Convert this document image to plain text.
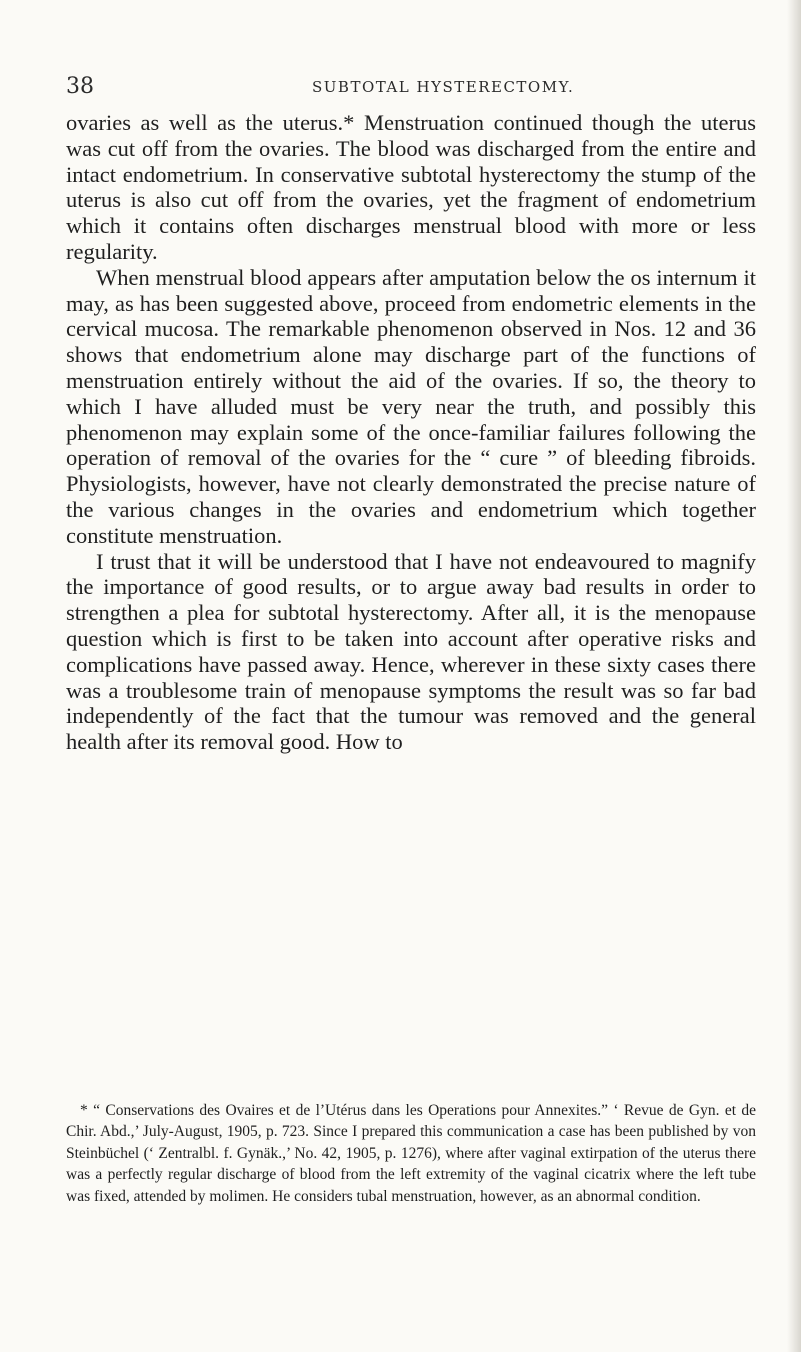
38	SUBTOTAL HYSTERECTOMY.

ovaries as well as the uterus.* Menstruation continued though the uterus was cut off from the ovaries. The blood was discharged from the entire and intact endometrium. In conservative subtotal hysterectomy the stump of the uterus is also cut off from the ovaries, yet the fragment of endometrium which it contains often discharges menstrual blood with more or less regularity.

When menstrual blood appears after amputation below the os internum it may, as has been suggested above, proceed from endometric elements in the cervical mucosa. The remarkable phenomenon observed in Nos. 12 and 36 shows that endometrium alone may discharge part of the functions of menstruation entirely without the aid of the ovaries. If so, the theory to which I have alluded must be very near the truth, and possibly this phenomenon may explain some of the once-familiar failures following the operation of removal of the ovaries for the “ cure ” of bleeding fibroids. Physiologists, however, have not clearly demonstrated the precise nature of the various changes in the ovaries and endometrium which together constitute menstruation.

I trust that it will be understood that I have not endeavoured to magnify the importance of good results, or to argue away bad results in order to strengthen a plea for subtotal hysterectomy. After all, it is the menopause question which is first to be taken into account after operative risks and complications have passed away. Hence, wherever in these sixty cases there was a troublesome train of menopause symptoms the result was so far bad independently of the fact that the tumour was removed and the general health after its removal good. How to

* “ Conservations des Ovaires et de l’Utérus dans les Operations pour Annexites.” ‘ Revue de Gyn. et de Chir. Abd.,’ July-August, 1905, p. 723. Since I prepared this communication a case has been published by von Steinbüchel (‘ Zentralbl. f. Gynäk.,’ No. 42, 1905, p. 1276), where after vaginal extirpation of the uterus there was a perfectly regular discharge of blood from the left extremity of the vaginal cicatrix where the left tube was fixed, attended by molimen. He considers tubal menstruation, however, as an abnormal condition.
